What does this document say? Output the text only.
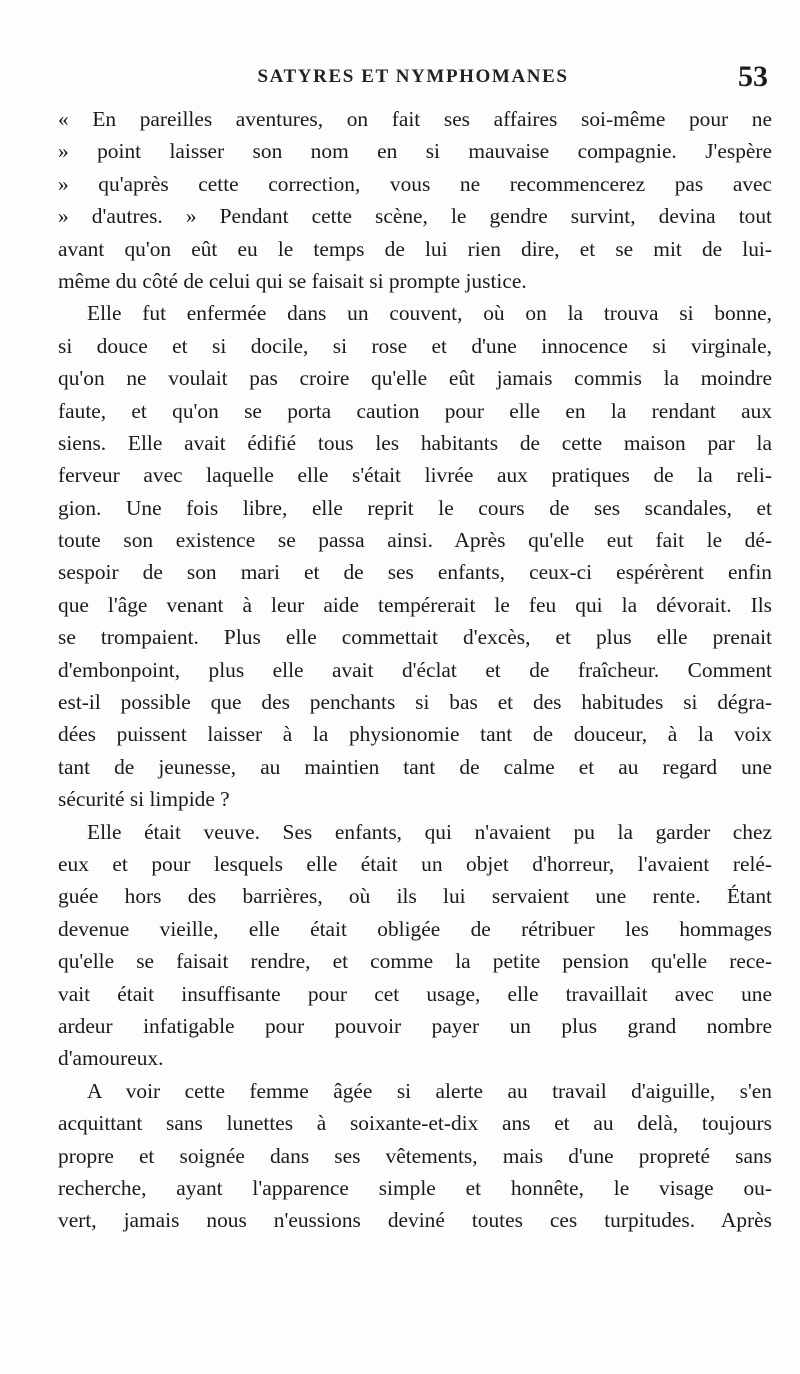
SATYRES ET NYMPHOMANES	53
« En pareilles aventures, on fait ses affaires soi-même pour ne
» point laisser son nom en si mauvaise compagnie. J'espère
» qu'après cette correction, vous ne recommencerez pas avec
» d'autres. » Pendant cette scène, le gendre survint, devina tout
avant qu'on eût eu le temps de lui rien dire, et se mit de lui-
même du côté de celui qui se faisait si prompte justice.
Elle fut enfermée dans un couvent, où on la trouva si bonne,
si douce et si docile, si rose et d'une innocence si virginale,
qu'on ne voulait pas croire qu'elle eût jamais commis la moindre
faute, et qu'on se porta caution pour elle en la rendant aux
siens. Elle avait édifié tous les habitants de cette maison par la
ferveur avec laquelle elle s'était livrée aux pratiques de la reli-
gion. Une fois libre, elle reprit le cours de ses scandales, et
toute son existence se passa ainsi. Après qu'elle eut fait le dé-
sespoir de son mari et de ses enfants, ceux-ci espérèrent enfin
que l'âge venant à leur aide tempérerait le feu qui la dévorait. Ils
se trompaient. Plus elle commettait d'excès, et plus elle prenait
d'embonpoint, plus elle avait d'éclat et de fraîcheur. Comment
est-il possible que des penchants si bas et des habitudes si dégra-
dées puissent laisser à la physionomie tant de douceur, à la voix
tant de jeunesse, au maintien tant de calme et au regard une
sécurité si limpide ?
Elle était veuve. Ses enfants, qui n'avaient pu la garder chez
eux et pour lesquels elle était un objet d'horreur, l'avaient relé-
guée hors des barrières, où ils lui servaient une rente. Étant
devenue vieille, elle était obligée de rétribuer les hommages
qu'elle se faisait rendre, et comme la petite pension qu'elle rece-
vait était insuffisante pour cet usage, elle travaillait avec une
ardeur infatigable pour pouvoir payer un plus grand nombre
d'amoureux.
A voir cette femme âgée si alerte au travail d'aiguille, s'en
acquittant sans lunettes à soixante-et-dix ans et au delà, toujours
propre et soignée dans ses vêtements, mais d'une propreté sans
recherche, ayant l'apparence simple et honnête, le visage ou-
vert, jamais nous n'eussions deviné toutes ces turpitudes. Après
